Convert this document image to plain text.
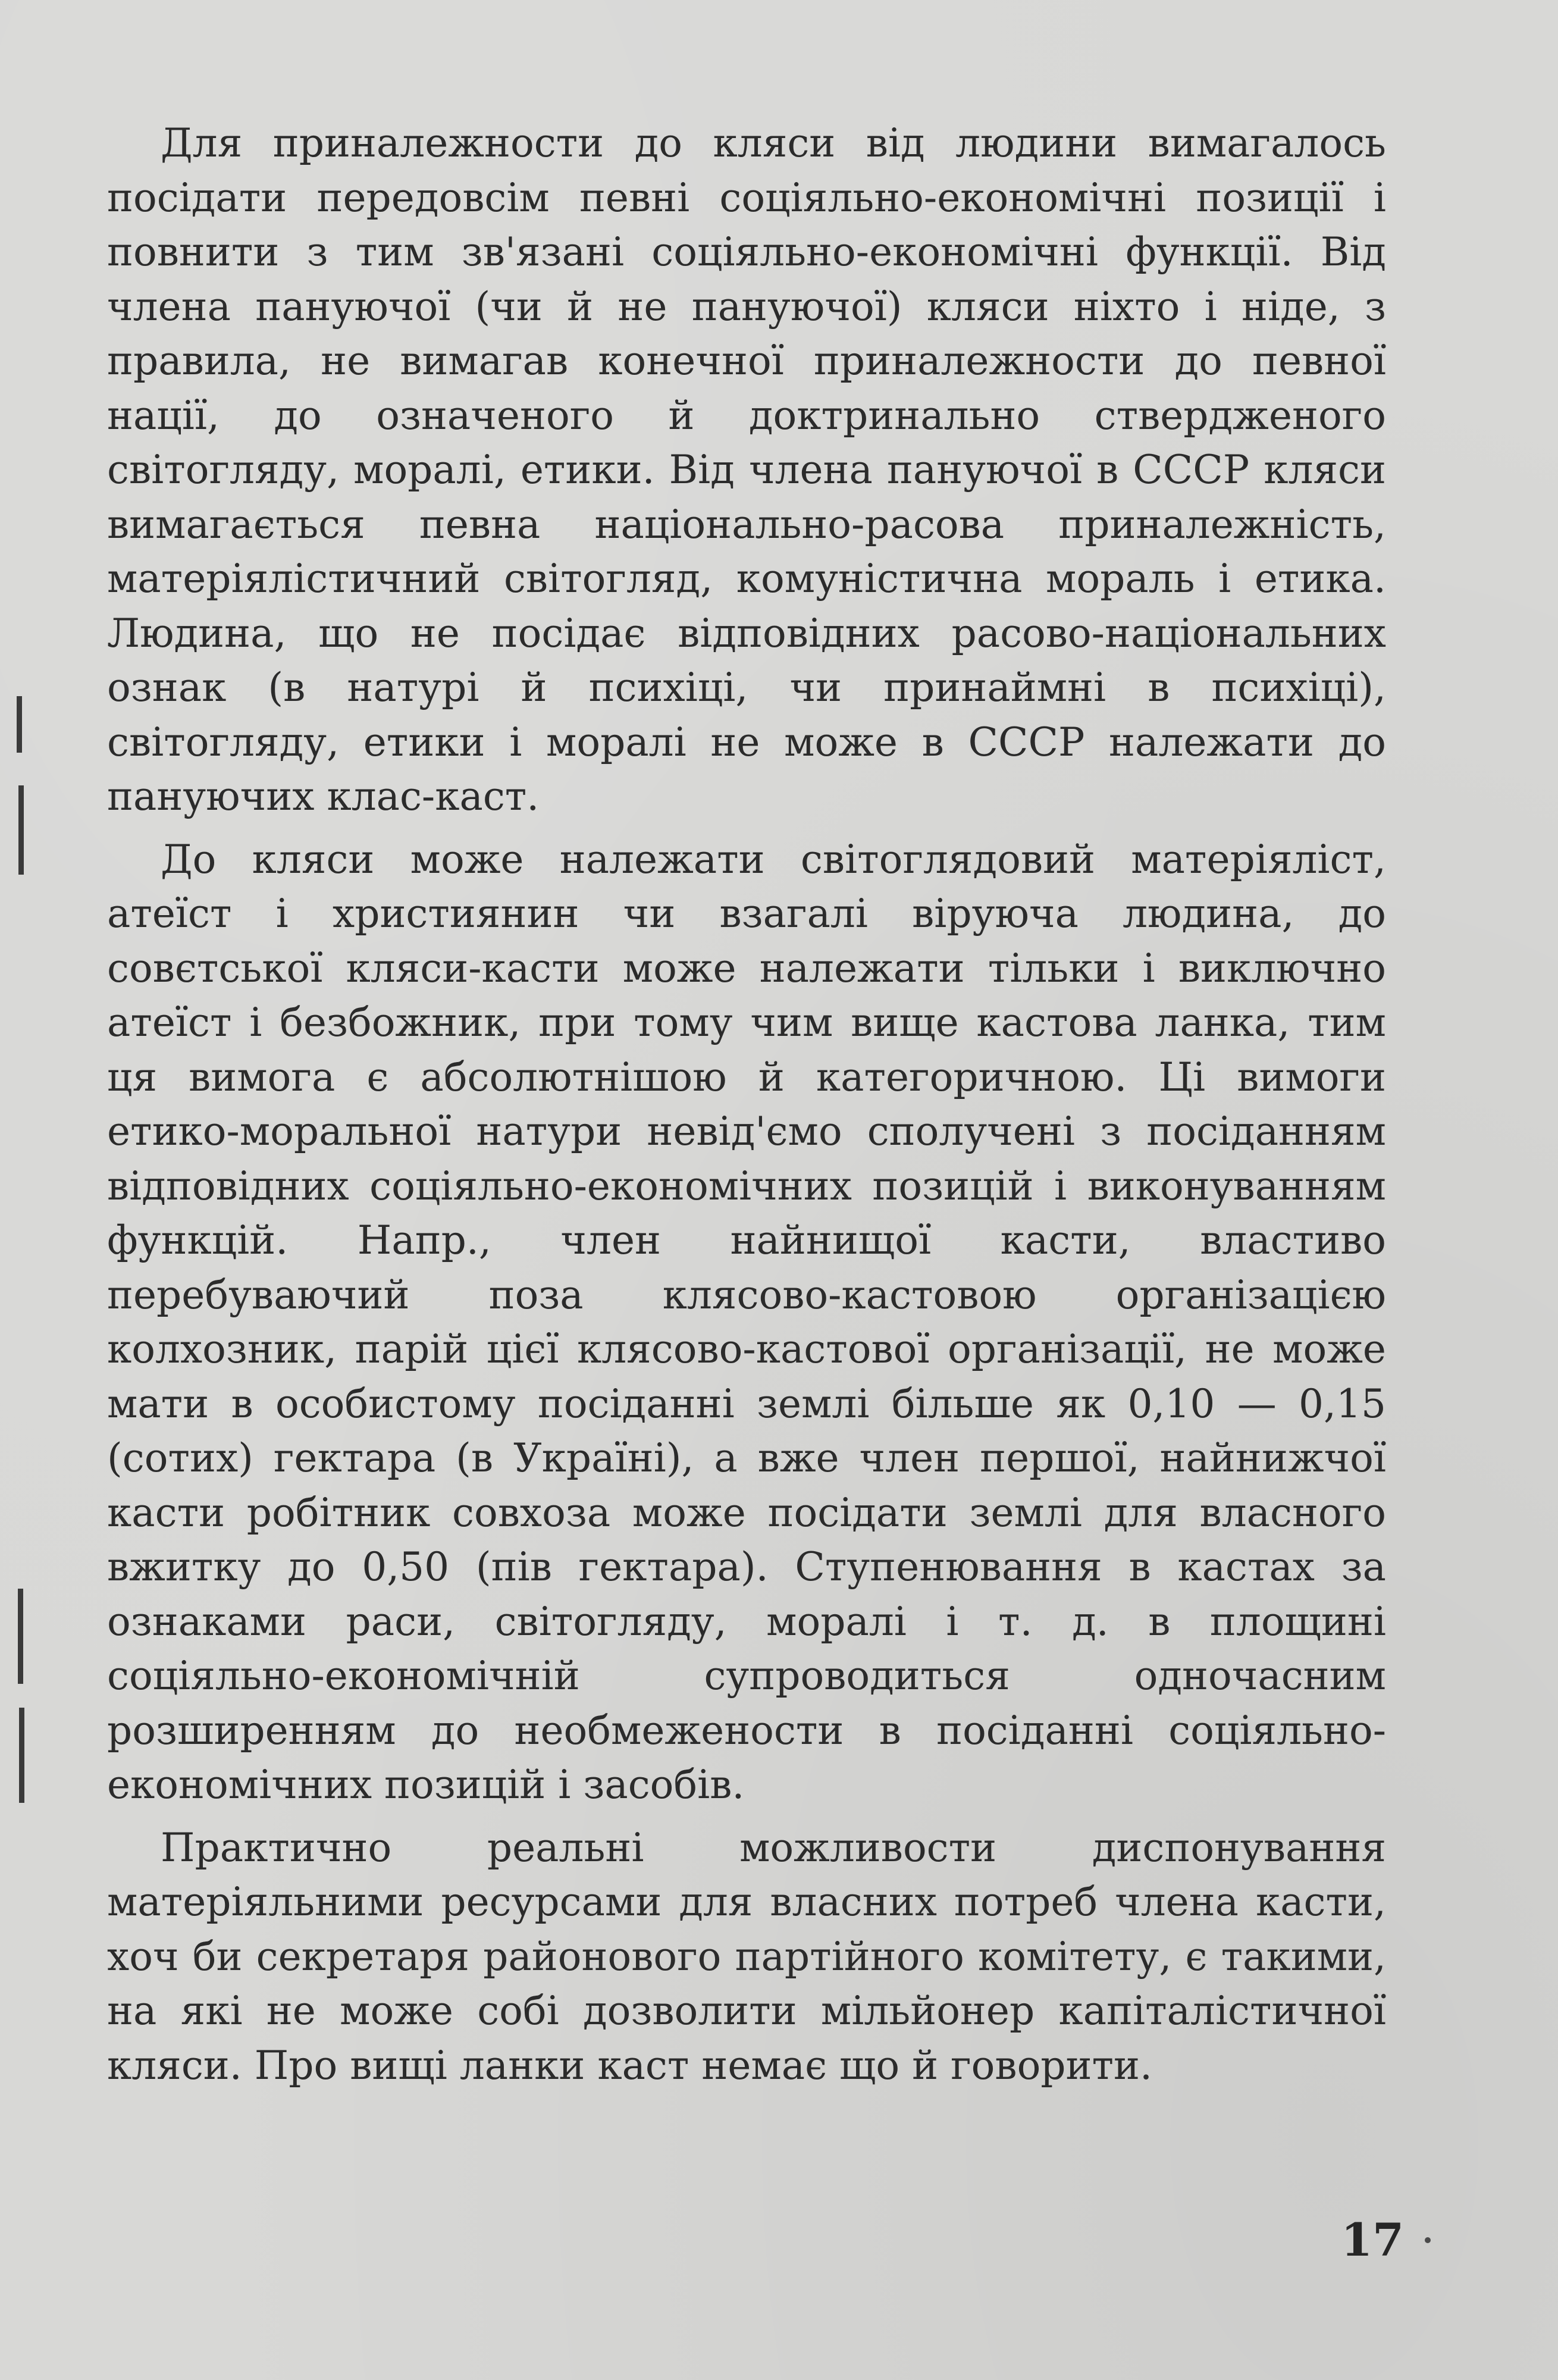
Для приналежности до кляси від людини вимагалось посідати передовсім певні соціяльно-економічні позиції і повнити з тим зв'язані соціяльно-економічні функції. Від члена пануючої (чи й не пануючої) кляси ніхто і ніде, з правила, не вимагав конечної приналежности до певної нації, до означеного й доктринально ствердженого світогляду, моралі, етики. Від члена пануючої в СССР кляси вимагається певна національно-расова приналежність, матеріялістичний світогляд, комуністична мораль і етика. Людина, що не посідає відповідних расово-національних ознак (в натурі й психіці, чи принаймні в психіці), світогляду, етики і моралі не може в СССР належати до пануючих клас-каст.

До кляси може належати світоглядовий матеріяліст, атеїст і християнин чи взагалі віруюча людина, до совєтської кляси-касти може належати тільки і виключно атеїст і безбожник, при тому чим вище кастова ланка, тим ця вимога є абсолютнішою й категоричною. Ці вимоги етико-моральної натури невід'ємо сполучені з посіданням відповідних соціяльно-економічних позицій і виконуванням функцій. Напр., член найнищої касти, властиво перебуваючий поза клясово-кастовою організацією колхозник, парій цієї клясово-кастової організації, не може мати в особистому посіданні землі більше як 0,10 — 0,15 (сотих) гектара (в Україні), а вже член першої, найнижчої касти робітник совхоза може посідати землі для власного вжитку до 0,50 (пів гектара). Ступенювання в кастах за ознаками раси, світогляду, моралі і т. д. в площині соціяльно-економічній супроводиться одночасним розширенням до необмежености в посіданні соціяльно-економічних позицій і засобів.

Практично реальні можливости диспонування матеріяльними ресурсами для власних потреб члена касти, хоч би секретаря районового партійного комітету, є такими, на які не може собі дозволити мільйонер капіталістичної кляси. Про вищі ланки каст немає що й говорити.

17
